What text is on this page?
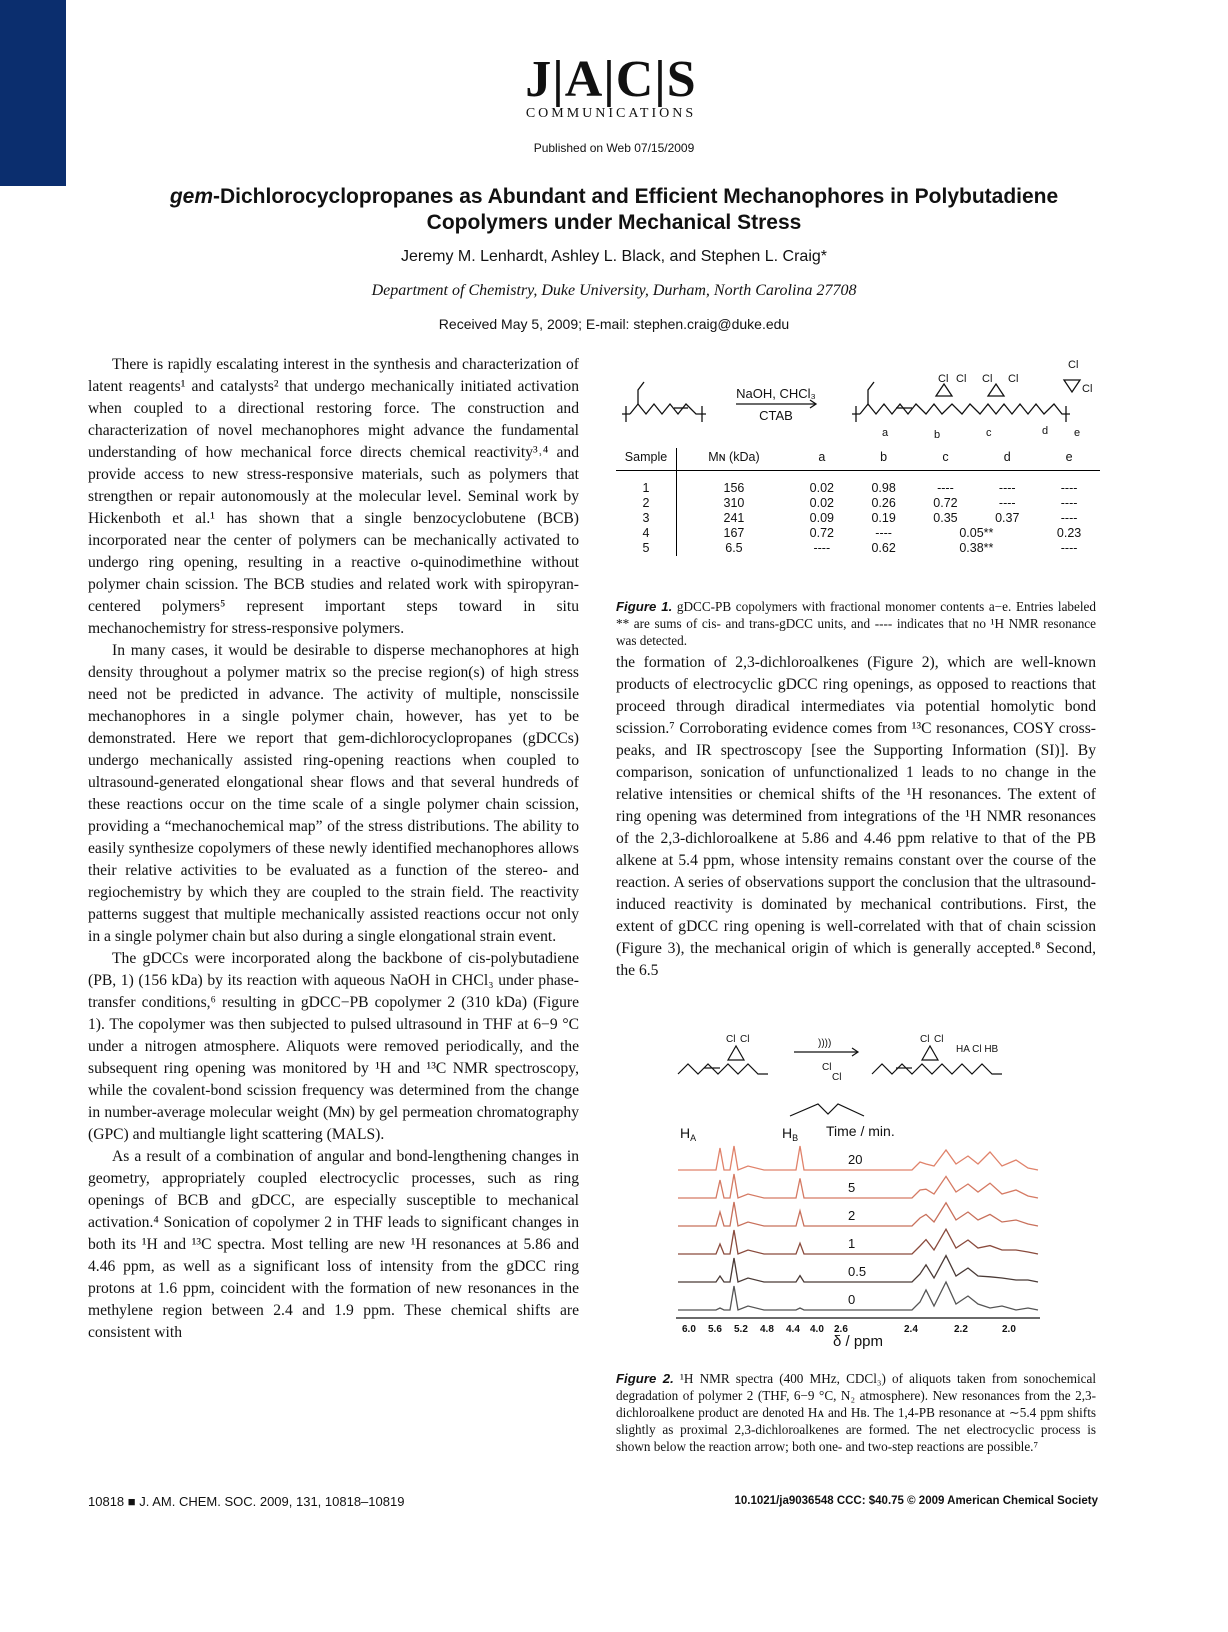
J|A|C|S
COMMUNICATIONS
Published on Web 07/15/2009
gem-Dichlorocyclopropanes as Abundant and Efficient Mechanophores in Polybutadiene Copolymers under Mechanical Stress
Jeremy M. Lenhardt, Ashley L. Black, and Stephen L. Craig*
Department of Chemistry, Duke University, Durham, North Carolina 27708
Received May 5, 2009; E-mail: stephen.craig@duke.edu

There is rapidly escalating interest in the synthesis and characterization of latent reagents¹ and catalysts² that undergo mechanically initiated activation when coupled to a directional restoring force. The construction and characterization of novel mechanophores might advance the fundamental understanding of how mechanical force directs chemical reactivity³˒⁴ and provide access to new stress-responsive materials, such as polymers that strengthen or repair autonomously at the molecular level. Seminal work by Hickenboth et al.¹ has shown that a single benzocyclobutene (BCB) incorporated near the center of polymers can be mechanically activated to undergo ring opening, resulting in a reactive o-quinodimethine without polymer chain scission. The BCB studies and related work with spiropyran-centered polymers⁵ represent important steps toward in situ mechanochemistry for stress-responsive polymers.

In many cases, it would be desirable to disperse mechanophores at high density throughout a polymer matrix so the precise region(s) of high stress need not be predicted in advance. The activity of multiple, nonscissile mechanophores in a single polymer chain, however, has yet to be demonstrated. Here we report that gem-dichlorocyclopropanes (gDCCs) undergo mechanically assisted ring-opening reactions when coupled to ultrasound-generated elongational shear flows and that several hundreds of these reactions occur on the time scale of a single polymer chain scission, providing a “mechanochemical map” of the stress distributions. The ability to easily synthesize copolymers of these newly identified mechanophores allows their relative activities to be evaluated as a function of the stereo- and regiochemistry by which they are coupled to the strain field. The reactivity patterns suggest that multiple mechanically assisted reactions occur not only in a single polymer chain but also during a single elongational strain event.

The gDCCs were incorporated along the backbone of cis-polybutadiene (PB, 1) (156 kDa) by its reaction with aqueous NaOH in CHCl₃ under phase-transfer conditions,⁶ resulting in gDCC−PB copolymer 2 (310 kDa) (Figure 1). The copolymer was then subjected to pulsed ultrasound in THF at 6−9 °C under a nitrogen atmosphere. Aliquots were removed periodically, and the subsequent ring opening was monitored by ¹H and ¹³C NMR spectroscopy, while the covalent-bond scission frequency was determined from the change in number-average molecular weight (Mɴ) by gel permeation chromatography (GPC) and multiangle light scattering (MALS).

As a result of a combination of angular and bond-lengthening changes in geometry, appropriately coupled electrocyclic processes, such as ring openings of BCB and gDCC, are especially susceptible to mechanical activation.⁴ Sonication of copolymer 2 in THF leads to significant changes in both its ¹H and ¹³C spectra. Most telling are new ¹H resonances at 5.86 and 4.46 ppm, as well as a significant loss of intensity from the gDCC ring protons at 1.6 ppm, coincident with the formation of new resonances in the methylene region between 2.4 and 1.9 ppm. These chemical shifts are consistent with

NaOH, CHCl₃
CTAB
Cl Cl Cl Cl
Cl
Cl
a	b	c	d e
Sample	Mɴ (kDa)	a	b	c	d	e
1	156	0.02	0.98	----	----	----
2	310	0.02	0.26	0.72	----	----
3	241	0.09	0.19	0.35	0.37	----
4	167	0.72	----	0.05**		0.23
5	6.5	----	0.62	0.38**		----
Figure 1. gDCC-PB copolymers with fractional monomer contents a−e. Entries labeled ** are sums of cis- and trans-gDCC units, and ---- indicates that no ¹H NMR resonance was detected.

the formation of 2,3-dichloroalkenes (Figure 2), which are well-known products of electrocyclic gDCC ring openings, as opposed to reactions that proceed through diradical intermediates via potential homolytic bond scission.⁷ Corroborating evidence comes from ¹³C resonances, COSY cross-peaks, and IR spectroscopy [see the Supporting Information (SI)]. By comparison, sonication of unfunctionalized 1 leads to no change in the relative intensities or chemical shifts of the ¹H resonances. The extent of ring opening was determined from integrations of the ¹H NMR resonances of the 2,3-dichloroalkene at 5.86 and 4.46 ppm relative to that of the PB alkene at 5.4 ppm, whose intensity remains constant over the course of the reaction. A series of observations support the conclusion that the ultrasound-induced reactivity is dominated by mechanical contributions. First, the extent of gDCC ring opening is well-correlated with that of chain scission (Figure 3), the mechanical origin of which is generally accepted.⁸ Second, the 6.5

Cl Cl	))))	Cl Cl
HA Cl HB
Cl
Cl
$H_A$	$H_B$ Time / min.
20
5
2
1
0.5
0
6.0 5.6 5.2 4.8 4.4 4.0 2.6	2.4	2.2	2.0
δ / ppm
Figure 2. ¹H NMR spectra (400 MHz, CDCl₃) of aliquots taken from sonochemical degradation of polymer 2 (THF, 6−9 °C, N₂ atmosphere). New resonances from the 2,3-dichloroalkene product are denoted Hᴀ and Hʙ. The 1,4-PB resonance at ∼5.4 ppm shifts slightly as proximal 2,3-dichloroalkenes are formed. The net electrocyclic process is shown below the reaction arrow; both one- and two-step reactions are possible.⁷
10818 ■ J. AM. CHEM. SOC. 2009, 131, 10818–10819	10.1021/ja9036548 CCC: $40.75 © 2009 American Chemical Society
